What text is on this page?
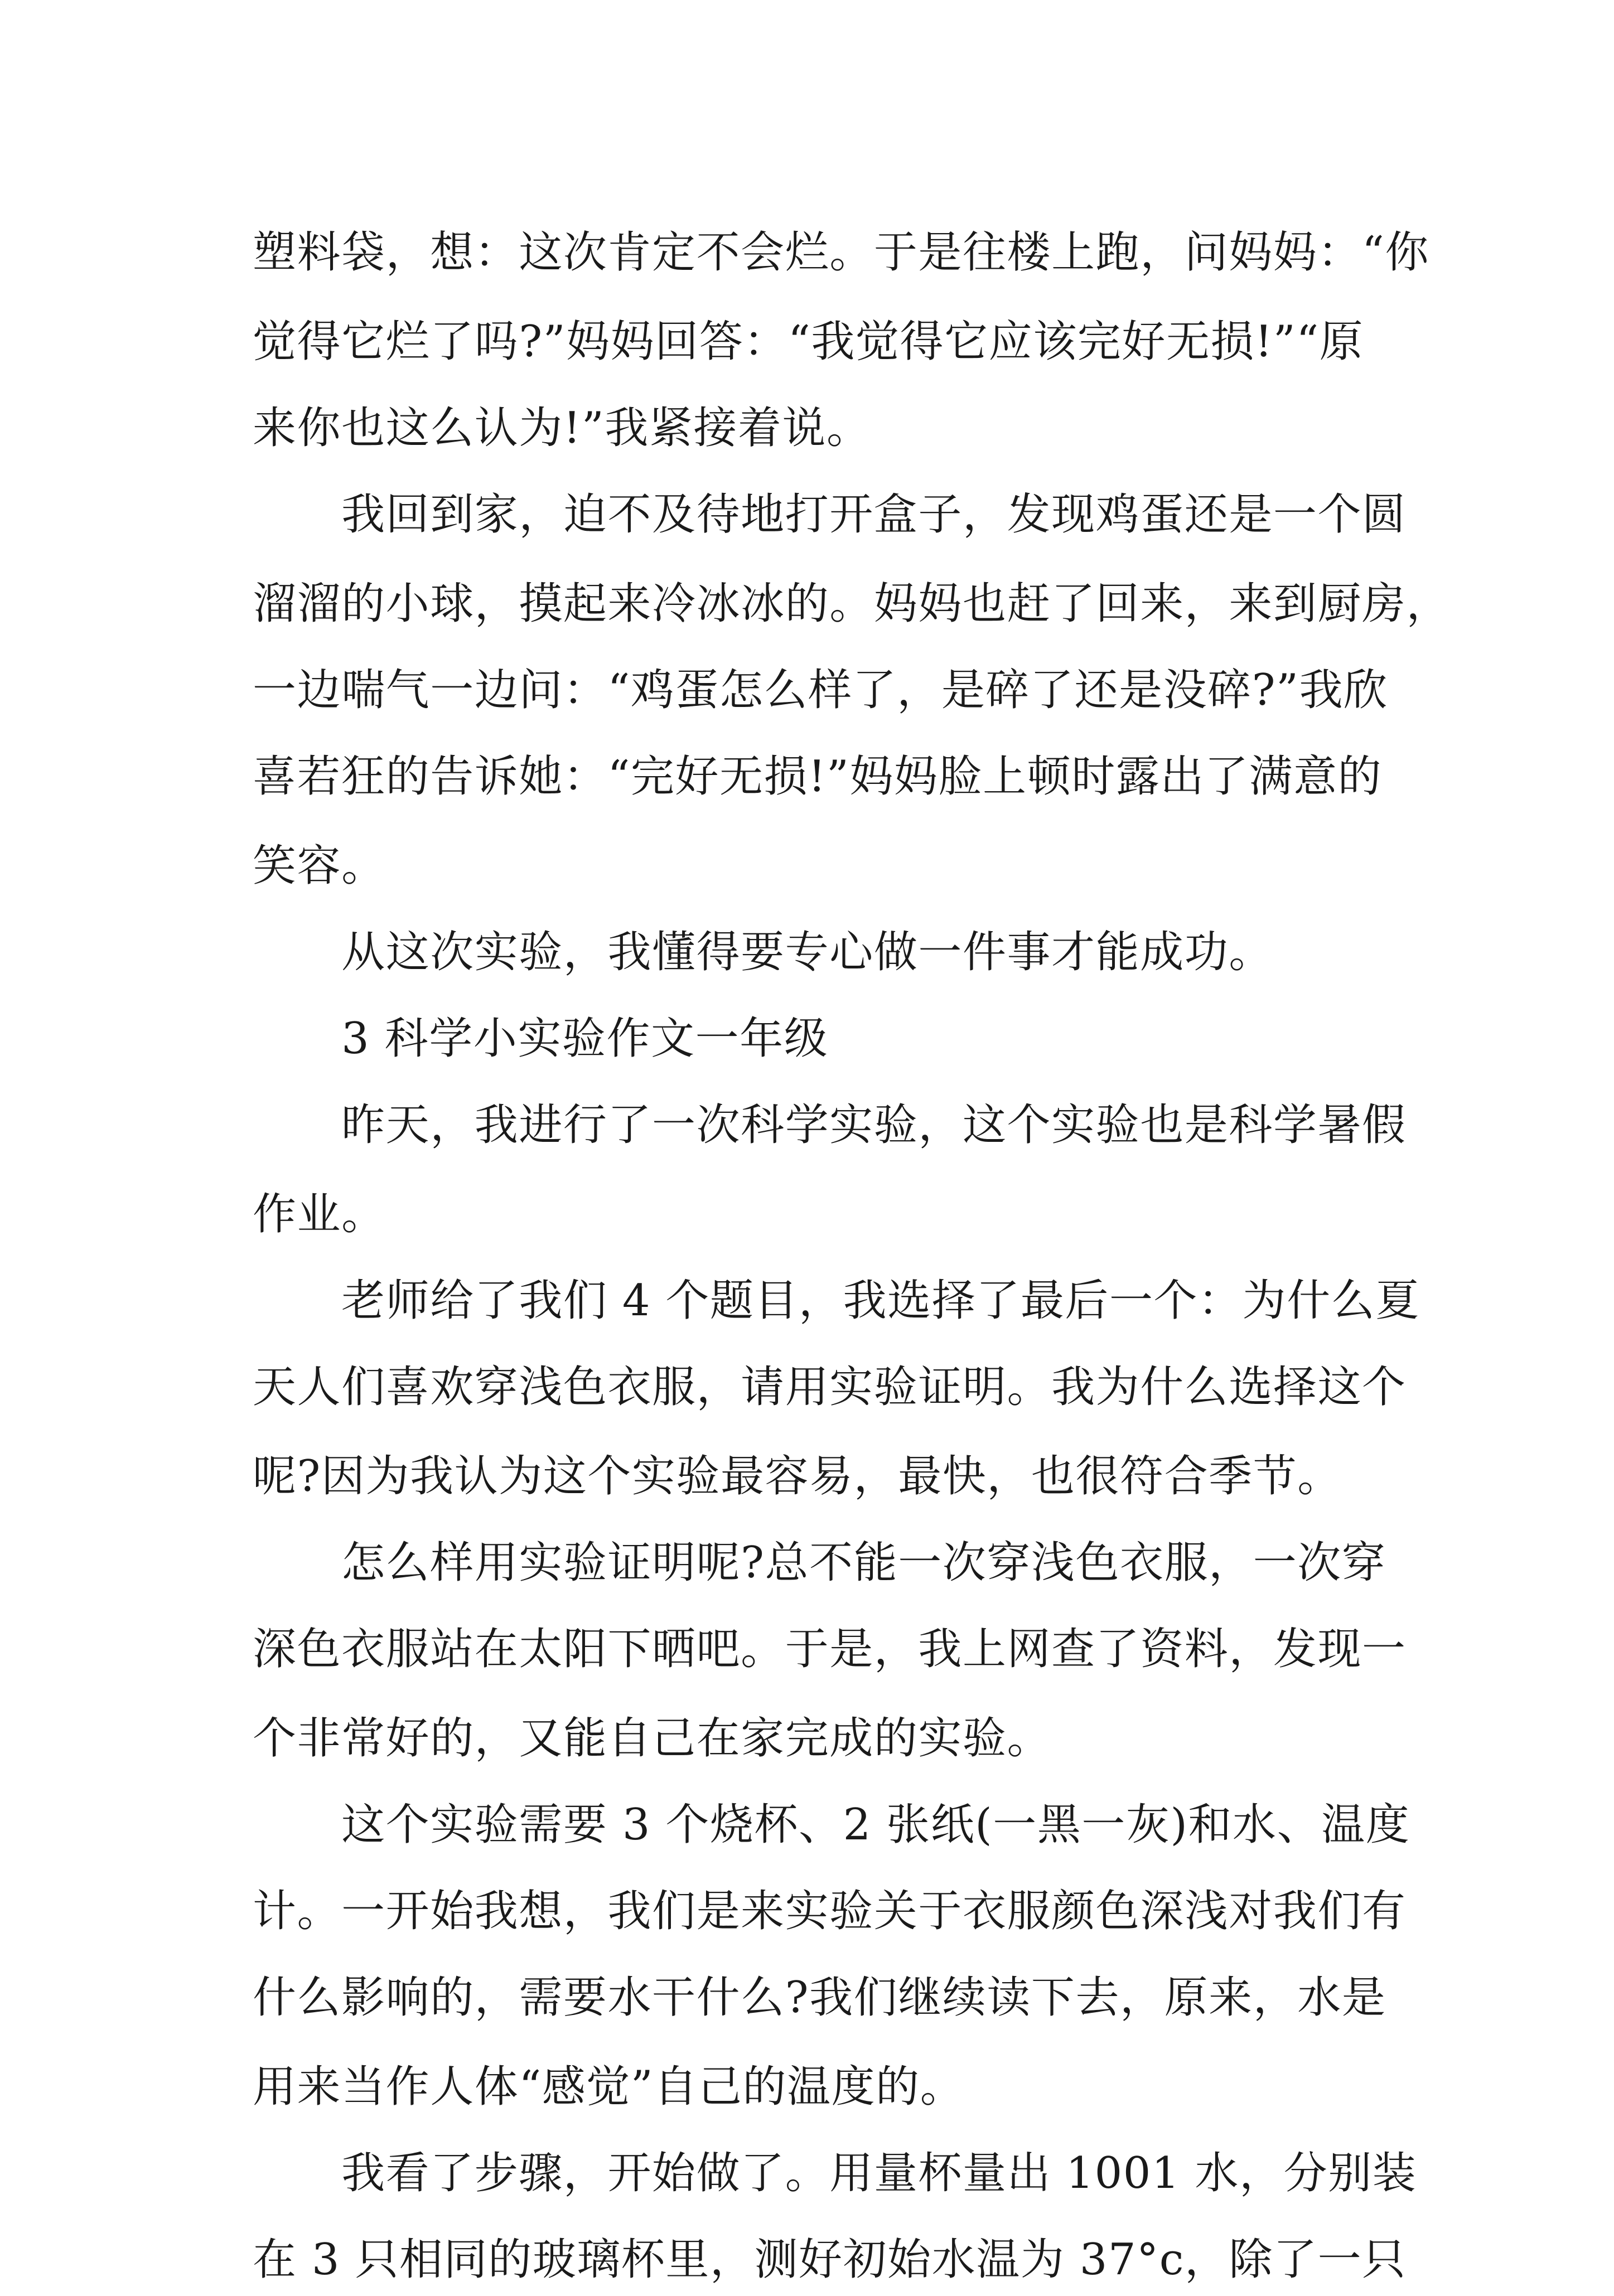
塑料袋，想：这次肯定不会烂。于是往楼上跑，问妈妈：“你
觉得它烂了吗?”妈妈回答：“我觉得它应该完好无损!”“原
来你也这么认为!”我紧接着说。
　　我回到家，迫不及待地打开盒子，发现鸡蛋还是一个圆
溜溜的小球，摸起来冷冰冰的。妈妈也赶了回来，来到厨房，
一边喘气一边问：“鸡蛋怎么样了，是碎了还是没碎?”我欣
喜若狂的告诉她：“完好无损!”妈妈脸上顿时露出了满意的
笑容。
　　从这次实验，我懂得要专心做一件事才能成功。
　　3 科学小实验作文一年级
　　昨天，我进行了一次科学实验，这个实验也是科学暑假
作业。
　　老师给了我们 4 个题目，我选择了最后一个：为什么夏
天人们喜欢穿浅色衣服，请用实验证明。我为什么选择这个
呢?因为我认为这个实验最容易，最快，也很符合季节。
　　怎么样用实验证明呢?总不能一次穿浅色衣服，一次穿
深色衣服站在太阳下晒吧。于是，我上网查了资料，发现一
个非常好的，又能自己在家完成的实验。
　　这个实验需要 3 个烧杯、2 张纸(一黑一灰)和水、温度
计。一开始我想，我们是来实验关于衣服颜色深浅对我们有
什么影响的，需要水干什么?我们继续读下去，原来，水是
用来当作人体“感觉”自己的温度的。
　　我看了步骤，开始做了。用量杯量出 1001 水，分别装
在 3 只相同的玻璃杯里，测好初始水温为 37°c，除了一只
